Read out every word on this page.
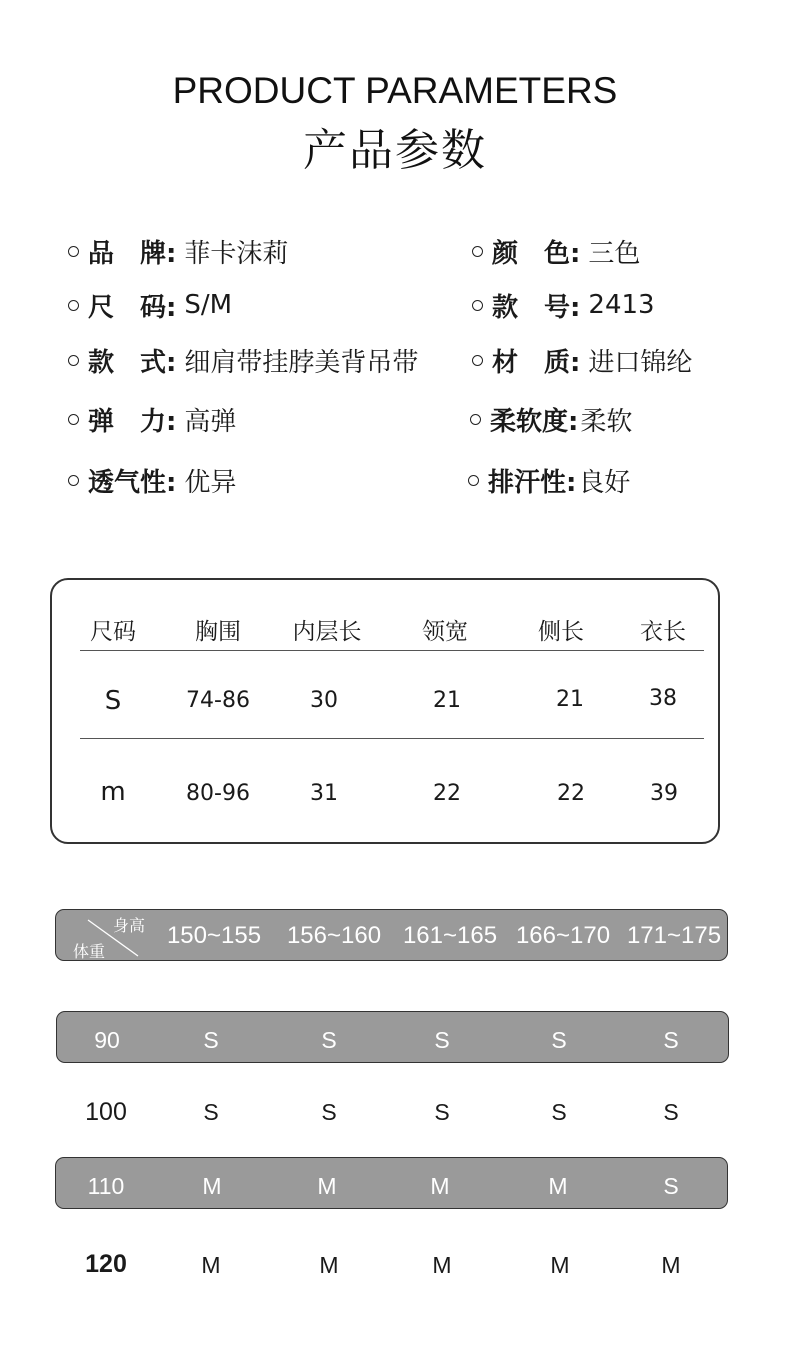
PRODUCT PARAMETERS
产品参数
品　牌: 菲卡沫莉	颜　色: 三色
尺　码: S/M	款　号: 2413
款　式: 细肩带挂脖美背吊带	材　质: 进口锦纶
弹　力: 高弹	柔软度: 柔软
透气性: 优异	排汗性: 良好
尺码	胸围	内层长	领宽	侧长	衣长
S	74-86	30	21	21	38
m	80-96	31	22	22	39
身高
体重
150~155	156~160 161~165 166~170 171~175
90	S	S	S	S	S
100	S	S	S	S	S
110	M	M	M	M	S
120	M	M	M	M	M
